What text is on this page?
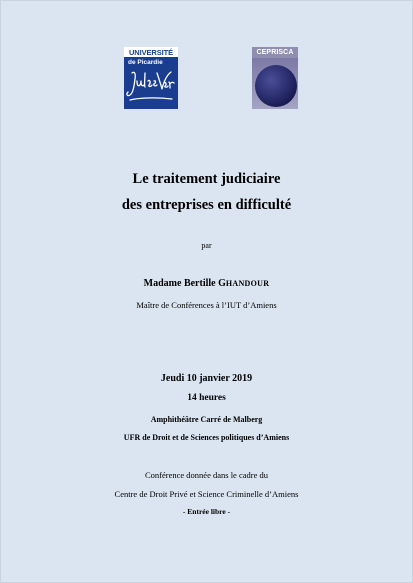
UNIVERSITÉ
de Picardie
CEPRISCA
Le traitement judiciaire
des entreprises en difficulté
par
Madame Bertille GHANDOUR
Maître de Conférences à l’IUT d’Amiens
Jeudi 10 janvier 2019
14 heures
Amphithéâtre Carré de Malberg
UFR de Droit et de Sciences politiques d’Amiens
Conférence donnée dans le cadre du
Centre de Droit Privé et Science Criminelle d’Amiens
- Entrée libre -
